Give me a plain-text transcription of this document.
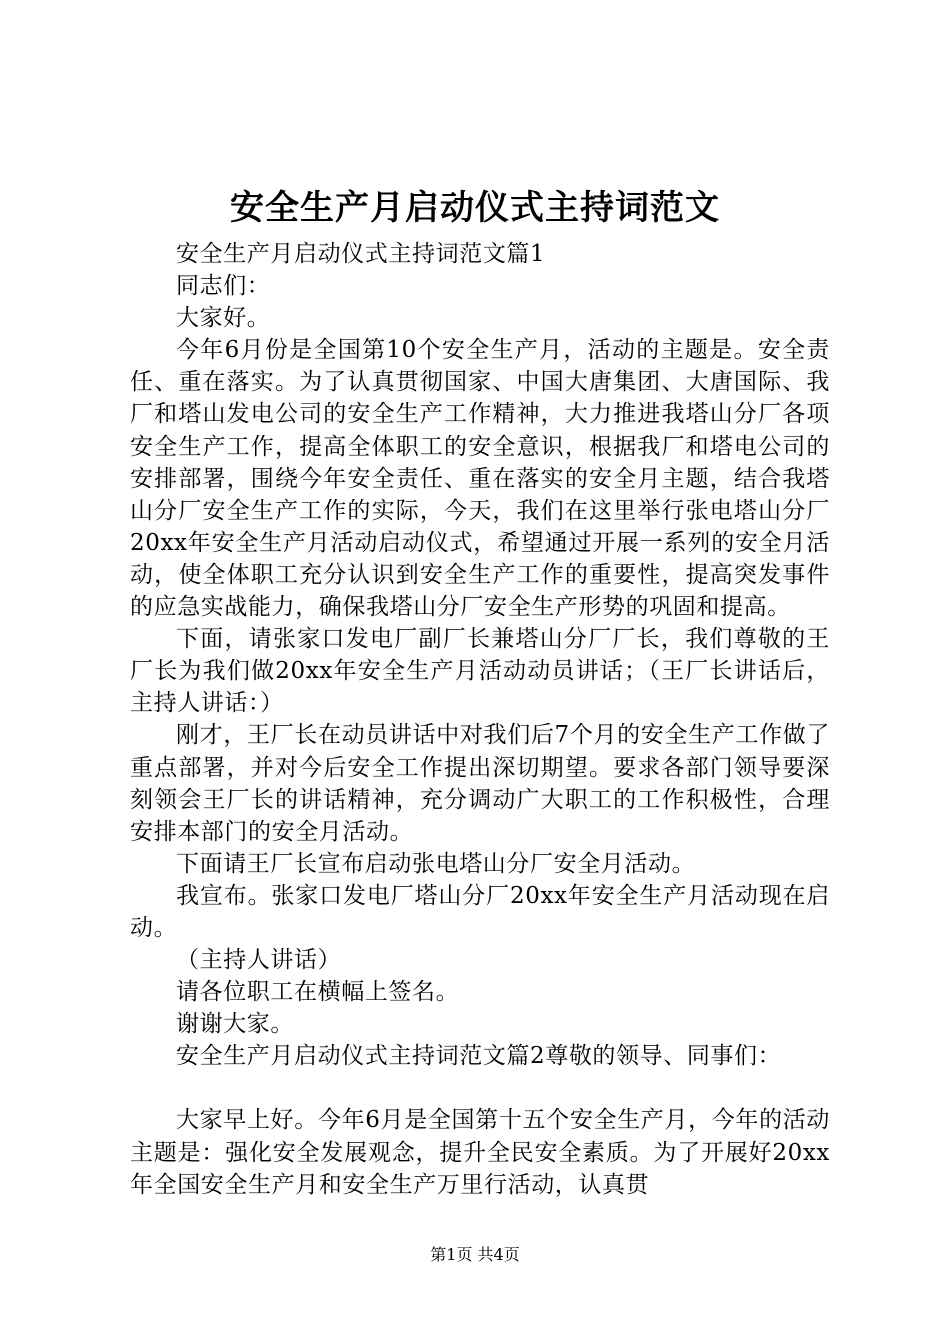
安全生产月启动仪式主持词范文

安全生产月启动仪式主持词范文篇1

同志们：

大家好。

今年6月份是全国第10个安全生产月，活动的主题是。安全责任、重在落实。为了认真贯彻国家、中国大唐集团、大唐国际、我厂和塔山发电公司的安全生产工作精神，大力推进我塔山分厂各项安全生产工作，提高全体职工的安全意识，根据我厂和塔电公司的安排部署，围绕今年安全责任、重在落实的安全月主题，结合我塔山分厂安全生产工作的实际，今天，我们在这里举行张电塔山分厂20xx年安全生产月活动启动仪式，希望通过开展一系列的安全月活动，使全体职工充分认识到安全生产工作的重要性，提高突发事件的应急实战能力，确保我塔山分厂安全生产形势的巩固和提高。

下面，请张家口发电厂副厂长兼塔山分厂厂长，我们尊敬的王厂长为我们做20xx年安全生产月活动动员讲话；（王厂长讲话后，主持人讲话：）

刚才，王厂长在动员讲话中对我们后7个月的安全生产工作做了重点部署，并对今后安全工作提出深切期望。要求各部门领导要深刻领会王厂长的讲话精神，充分调动广大职工的工作积极性，合理安排本部门的安全月活动。

下面请王厂长宣布启动张电塔山分厂安全月活动。

我宣布。张家口发电厂塔山分厂20xx年安全生产月活动现在启动。

（主持人讲话）

请各位职工在横幅上签名。

谢谢大家。

安全生产月启动仪式主持词范文篇2尊敬的领导、同事们：

大家早上好。今年6月是全国第十五个安全生产月，今年的活动主题是：强化安全发展观念，提升全民安全素质。为了开展好20xx年全国安全生产月和安全生产万里行活动，认真贯

第1页 共4页
